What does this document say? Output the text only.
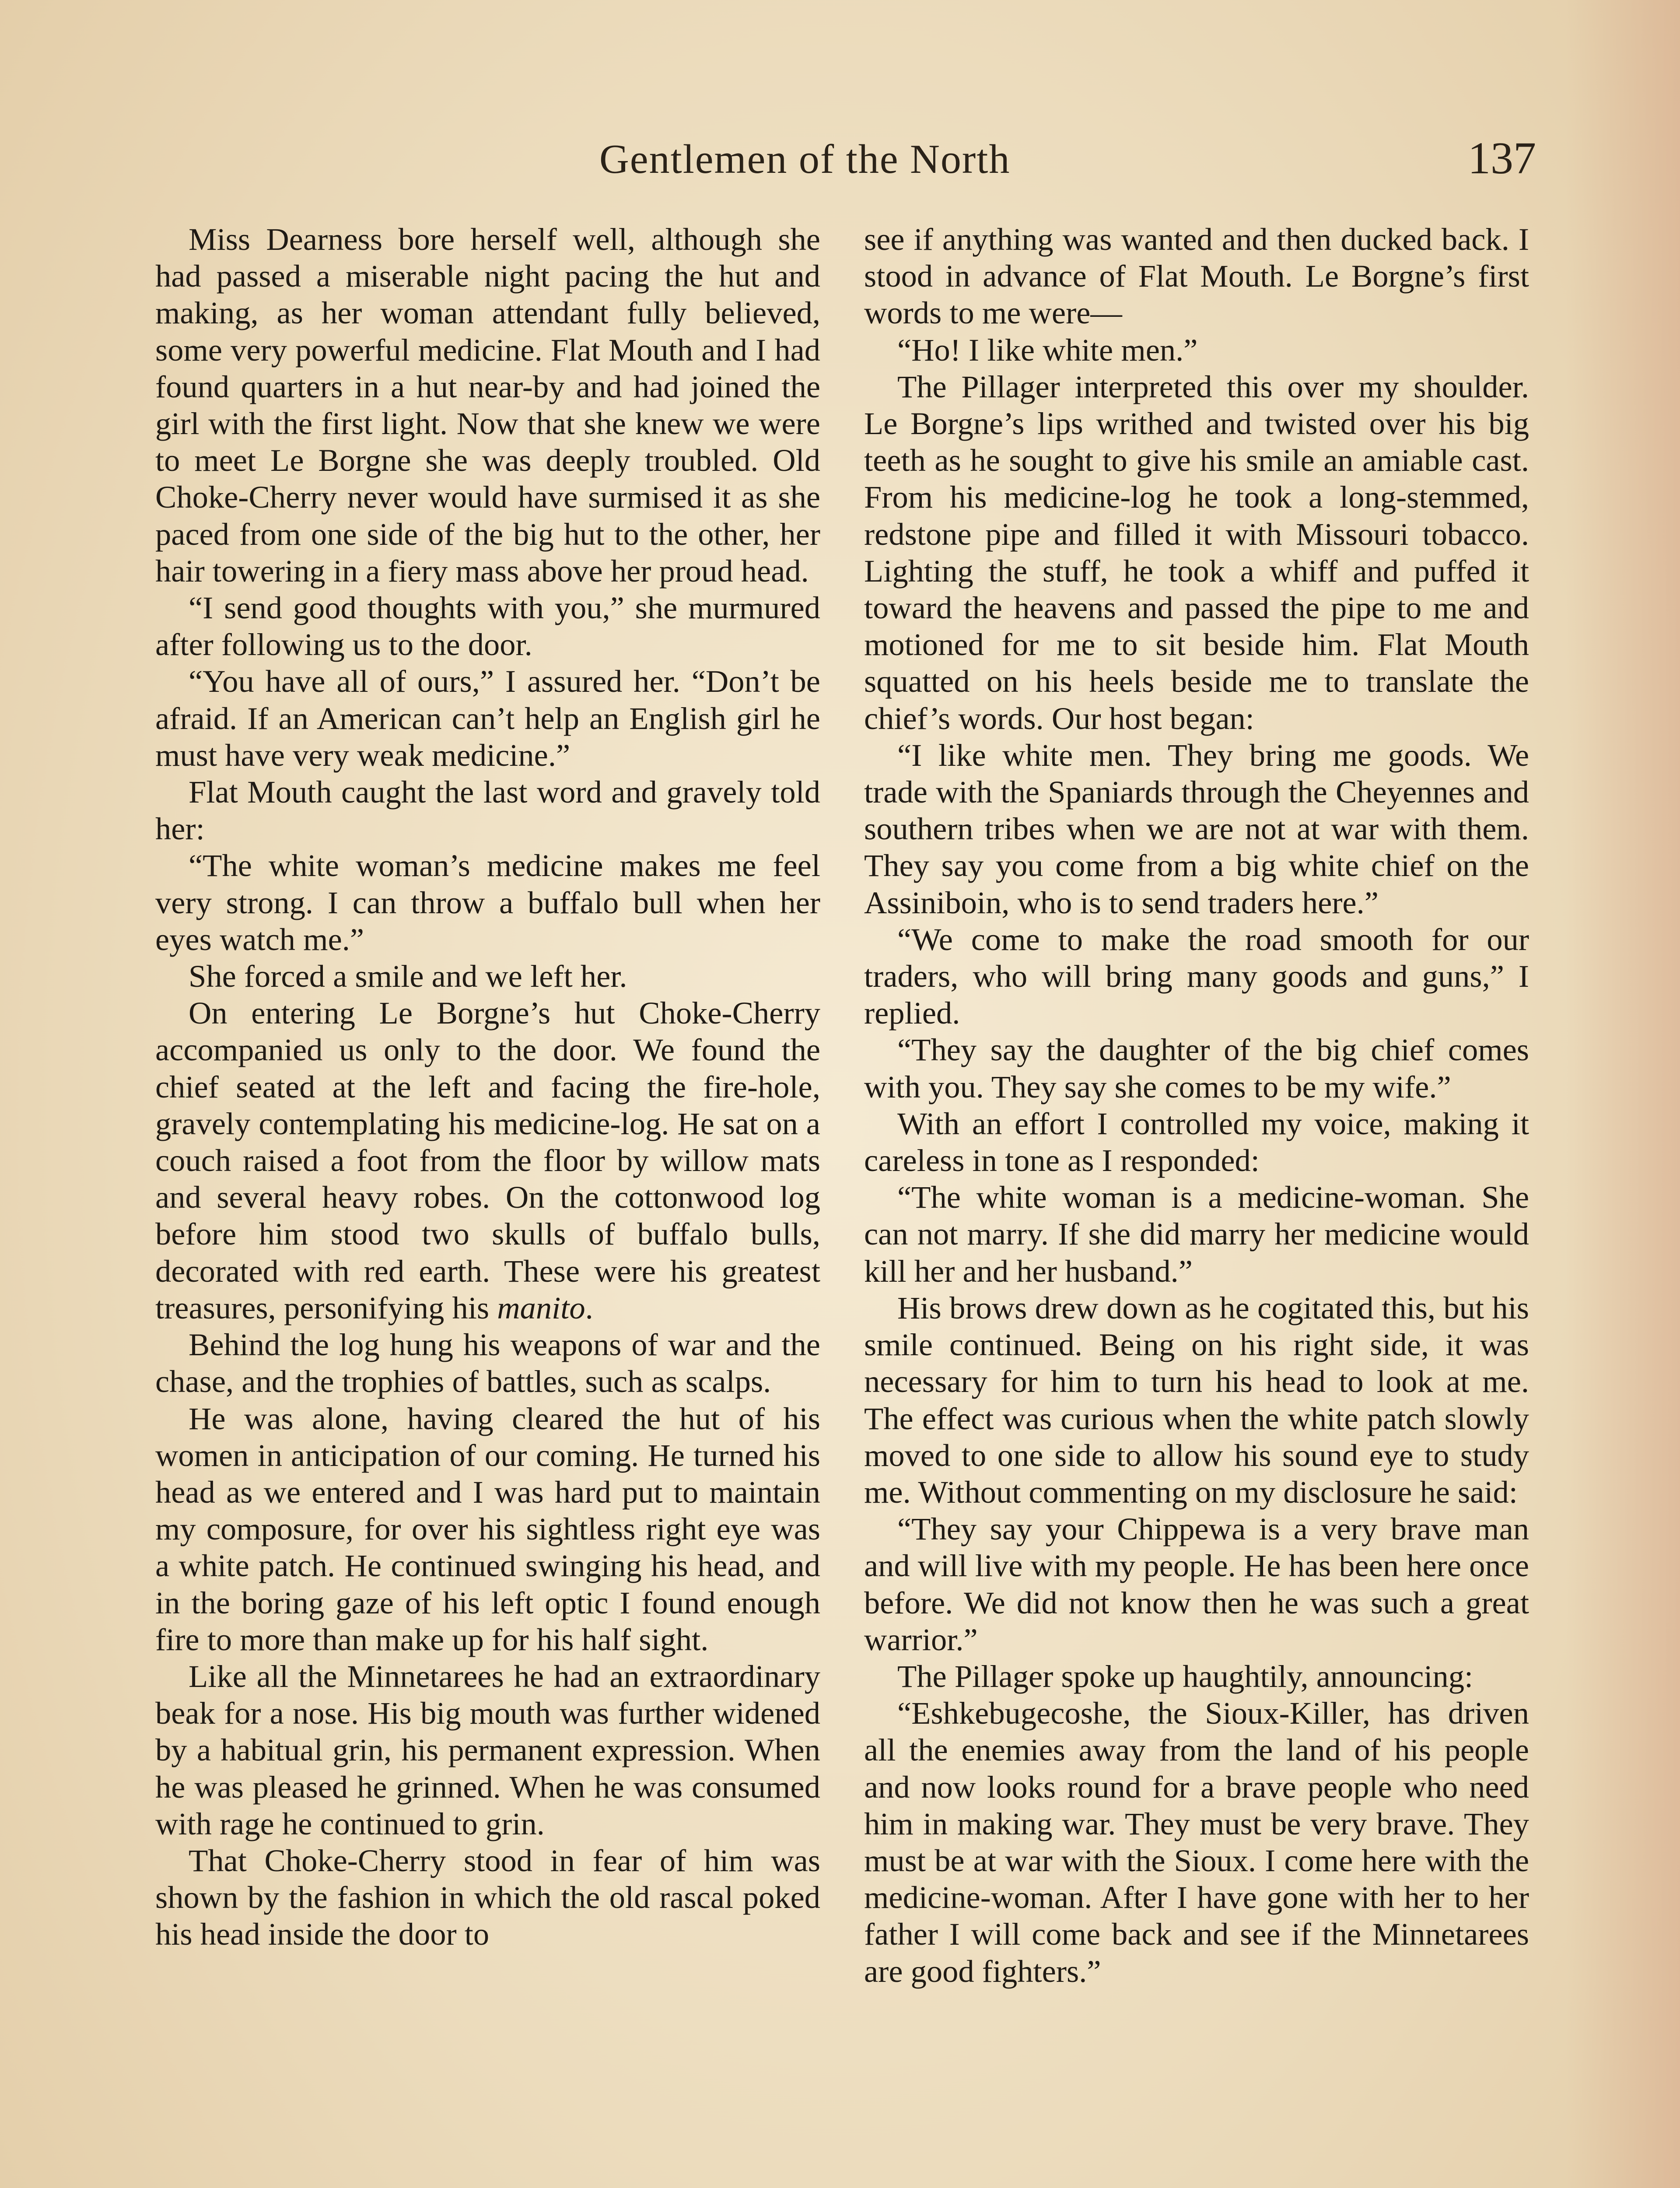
Gentlemen of the North	137

Miss Dearness bore herself well, although she had passed a miserable night pacing the hut and making, as her woman attendant fully believed, some very powerful medicine. Flat Mouth and I had found quarters in a hut near-by and had joined the girl with the first light. Now that she knew we were to meet Le Borgne she was deeply troubled. Old Choke-Cherry never would have surmised it as she paced from one side of the big hut to the other, her hair towering in a fiery mass above her proud head.

“I send good thoughts with you,” she murmured after following us to the door.

“You have all of ours,” I assured her. “Don’t be afraid. If an American can’t help an English girl he must have very weak medicine.”

Flat Mouth caught the last word and gravely told her:

“The white woman’s medicine makes me feel very strong. I can throw a buffalo bull when her eyes watch me.”

She forced a smile and we left her.

On entering Le Borgne’s hut Choke-Cherry accompanied us only to the door. We found the chief seated at the left and facing the fire-hole, gravely contemplating his medicine-log. He sat on a couch raised a foot from the floor by willow mats and several heavy robes. On the cottonwood log before him stood two skulls of buffalo bulls, decorated with red earth. These were his greatest treasures, personifying his manito.

Behind the log hung his weapons of war and the chase, and the trophies of battles, such as scalps.

He was alone, having cleared the hut of his women in anticipation of our coming. He turned his head as we entered and I was hard put to maintain my composure, for over his sightless right eye was a white patch. He continued swinging his head, and in the boring gaze of his left optic I found enough fire to more than make up for his half sight.

Like all the Minnetarees he had an extraordinary beak for a nose. His big mouth was further widened by a habitual grin, his permanent expression. When he was pleased he grinned. When he was consumed with rage he continued to grin.

That Choke-Cherry stood in fear of him was shown by the fashion in which the old rascal poked his head inside the door to

see if anything was wanted and then ducked back. I stood in advance of Flat Mouth. Le Borgne’s first words to me were—

“Ho! I like white men.”

The Pillager interpreted this over my shoulder. Le Borgne’s lips writhed and twisted over his big teeth as he sought to give his smile an amiable cast. From his medicine-log he took a long-stemmed, redstone pipe and filled it with Missouri tobacco. Lighting the stuff, he took a whiff and puffed it toward the heavens and passed the pipe to me and motioned for me to sit beside him. Flat Mouth squatted on his heels beside me to translate the chief’s words. Our host began:

“I like white men. They bring me goods. We trade with the Spaniards through the Cheyennes and southern tribes when we are not at war with them. They say you come from a big white chief on the Assiniboin, who is to send traders here.”

“We come to make the road smooth for our traders, who will bring many goods and guns,” I replied.

“They say the daughter of the big chief comes with you. They say she comes to be my wife.”

With an effort I controlled my voice, making it careless in tone as I responded:

“The white woman is a medicine-woman. She can not marry. If she did marry her medicine would kill her and her husband.”

His brows drew down as he cogitated this, but his smile continued. Being on his right side, it was necessary for him to turn his head to look at me. The effect was curious when the white patch slowly moved to one side to allow his sound eye to study me. Without commenting on my disclosure he said:

“They say your Chippewa is a very brave man and will live with my people. He has been here once before. We did not know then he was such a great warrior.”

The Pillager spoke up haughtily, announcing:

“Eshkebugecoshe, the Sioux-Killer, has driven all the enemies away from the land of his people and now looks round for a brave people who need him in making war. They must be very brave. They must be at war with the Sioux. I come here with the medicine-woman. After I have gone with her to her father I will come back and see if the Minnetarees are good fighters.”
